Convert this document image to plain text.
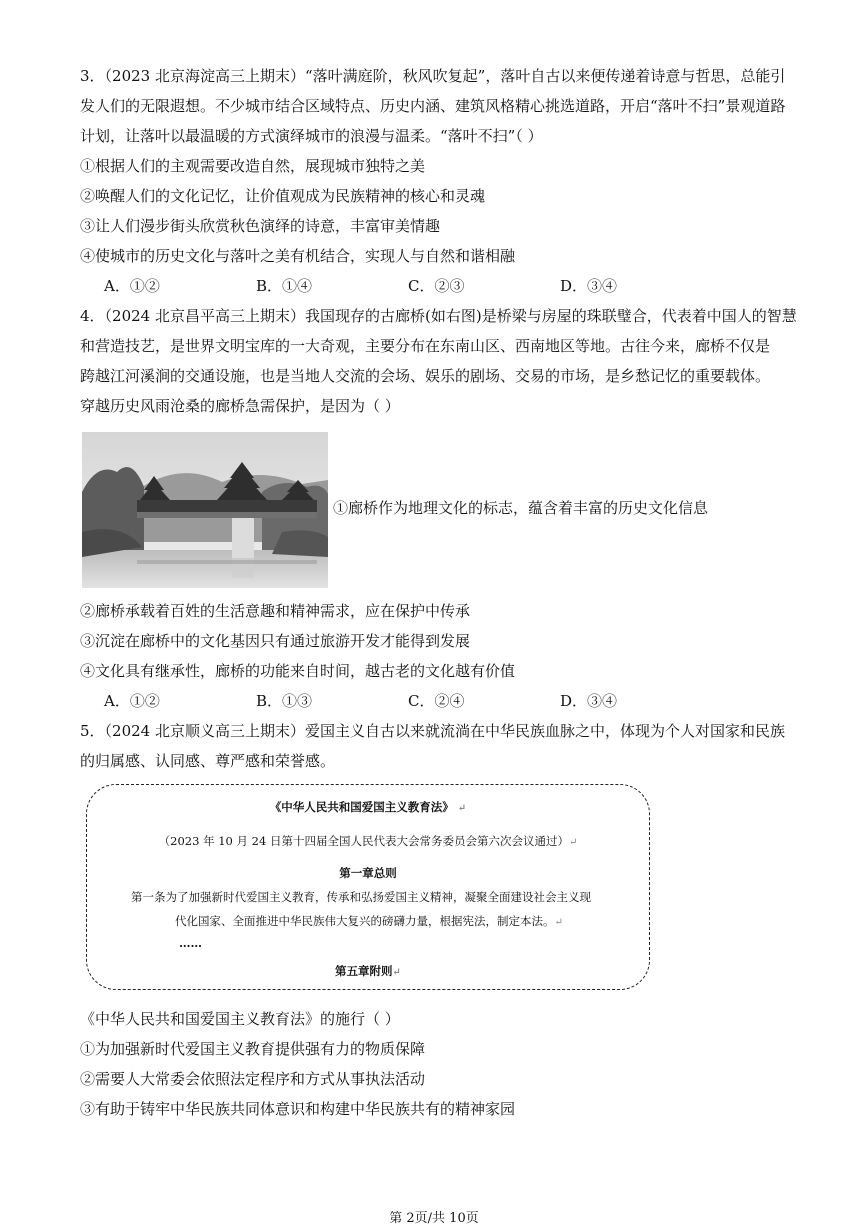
3．（2023 北京海淀高三上期末）“落叶满庭阶，秋风吹复起”，落叶自古以来便传递着诗意与哲思，总能引
发人们的无限遐想。不少城市结合区域特点、历史内涵、建筑风格精心挑选道路，开启“落叶不扫”景观道路
计划，让落叶以最温暖的方式演绎城市的浪漫与温柔。“落叶不扫”（ ）
①根据人们的主观需要改造自然，展现城市独特之美
②唤醒人们的文化记忆，让价值观成为民族精神的核心和灵魂
③让人们漫步街头欣赏秋色演绎的诗意，丰富审美情趣
④使城市的历史文化与落叶之美有机结合，实现人与自然和谐相融
A．①②	B．①④	C．②③	D．③④
4．（2024 北京昌平高三上期末）我国现存的古廊桥(如右图)是桥梁与房屋的珠联璧合，代表着中国人的智慧
和营造技艺，是世界文明宝库的一大奇观，主要分布在东南山区、西南地区等地。古往今来，廊桥不仅是
跨越江河溪涧的交通设施，也是当地人交流的会场、娱乐的剧场、交易的市场，是乡愁记忆的重要载体。
穿越历史风雨沧桑的廊桥急需保护，是因为（ ）
①廊桥作为地理文化的标志，蕴含着丰富的历史文化信息
②廊桥承载着百姓的生活意趣和精神需求，应在保护中传承
③沉淀在廊桥中的文化基因只有通过旅游开发才能得到发展
④文化具有继承性，廊桥的功能来自时间，越古老的文化越有价值
A．①②	B．①③	C．②④	D．③④
5．（2024 北京顺义高三上期末）爱国主义自古以来就流淌在中华民族血脉之中，体现为个人对国家和民族
的归属感、认同感、尊严感和荣誉感。
《中华人民共和国爱国主义教育法》 ↵
（2023 年 10 月 24 日第十四届全国人民代表大会常务委员会第六次会议通过）↵
第一章总则
第一条为了加强新时代爱国主义教育，传承和弘扬爱国主义精神，凝聚全面建设社会主义现
代化国家、全面推进中华民族伟大复兴的磅礴力量，根据宪法，制定本法。↵
……
第五章附则↵
《中华人民共和国爱国主义教育法》的施行（ ）
①为加强新时代爱国主义教育提供强有力的物质保障
②需要人大常委会依照法定程序和方式从事执法活动
③有助于铸牢中华民族共同体意识和构建中华民族共有的精神家园
第 2页/共 10页
